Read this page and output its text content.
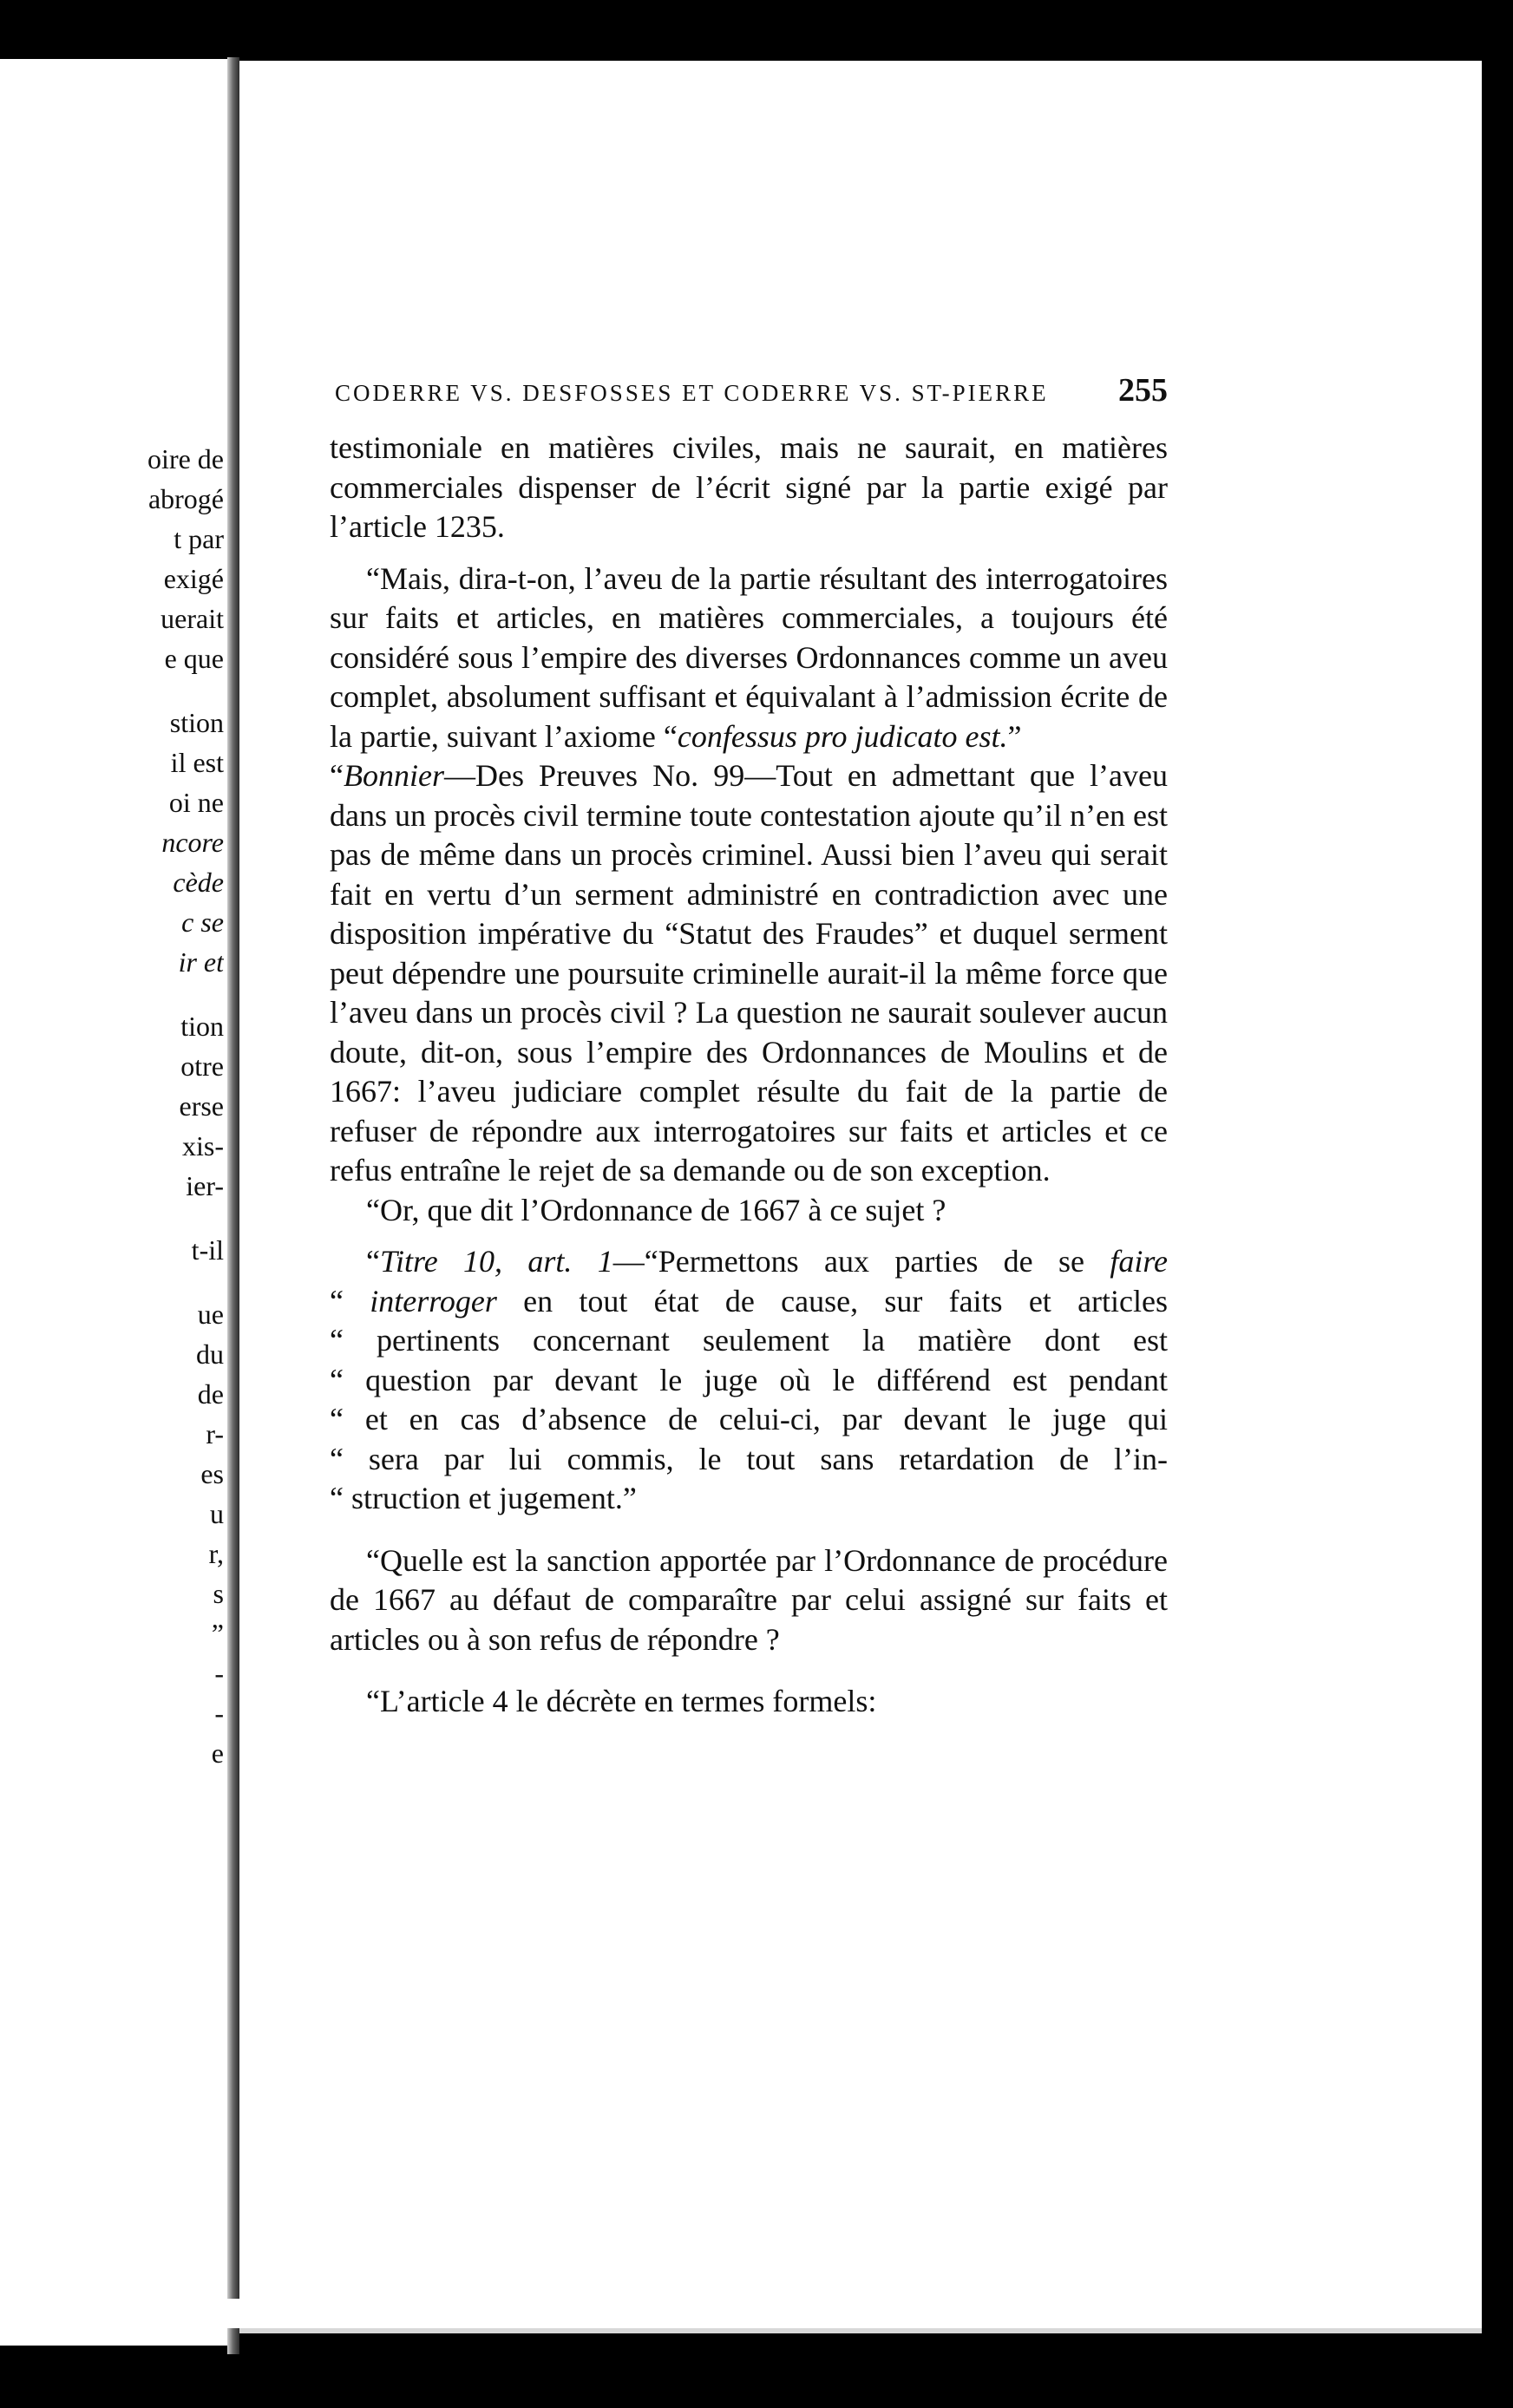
oire de
abrogé
t par
exigé
uerait
e que
stion
il est
oi ne
ncore
cède
c se
ir et
tion
otre
erse
xis-
ier-
t-il
ue
du
de
r-
es
u
r,
s
”
-
-
e
CODERRE VS. DESFOSSES ET CODERRE VS. ST-PIERRE 255

testimoniale en matières civiles, mais ne saurait, en matières commerciales dispenser de l’écrit signé par la partie exigé par l’article 1235.

“Mais, dira-t-on, l’aveu de la partie résultant des interrogatoires sur faits et articles, en matières commerciales, a toujours été considéré sous l’empire des diverses Ordonnances comme un aveu complet, absolument suffisant et équivalant à l’admission écrite de la partie, suivant l’axiome “confessus pro judicato est.”

“Bonnier—Des Preuves No. 99—Tout en admettant que l’aveu dans un procès civil termine toute contestation ajoute qu’il n’en est pas de même dans un procès criminel. Aussi bien l’aveu qui serait fait en vertu d’un serment administré en contradiction avec une disposition impérative du “Statut des Fraudes” et duquel serment peut dépendre une poursuite criminelle aurait-il la même force que l’aveu dans un procès civil ? La question ne saurait soulever aucun doute, dit-on, sous l’empire des Ordonnances de Moulins et de 1667: l’aveu judiciare complet résulte du fait de la partie de refuser de répondre aux interrogatoires sur faits et articles et ce refus entraîne le rejet de sa demande ou de son exception.

“Or, que dit l’Ordonnance de 1667 à ce sujet ?

“Titre 10, art. 1—“Permettons aux parties de se faire

“ interroger en tout état de cause, sur faits et articles
“ pertinents concernant seulement la matière dont est
“ question par devant le juge où le différend est pendant
“ et en cas d’absence de celui-ci, par devant le juge qui
“ sera par lui commis, le tout sans retardation de l’in-
“ struction et jugement.”

“Quelle est la sanction apportée par l’Ordonnance de procédure de 1667 au défaut de comparaître par celui assigné sur faits et articles ou à son refus de répondre ?

“L’article 4 le décrète en termes formels:
